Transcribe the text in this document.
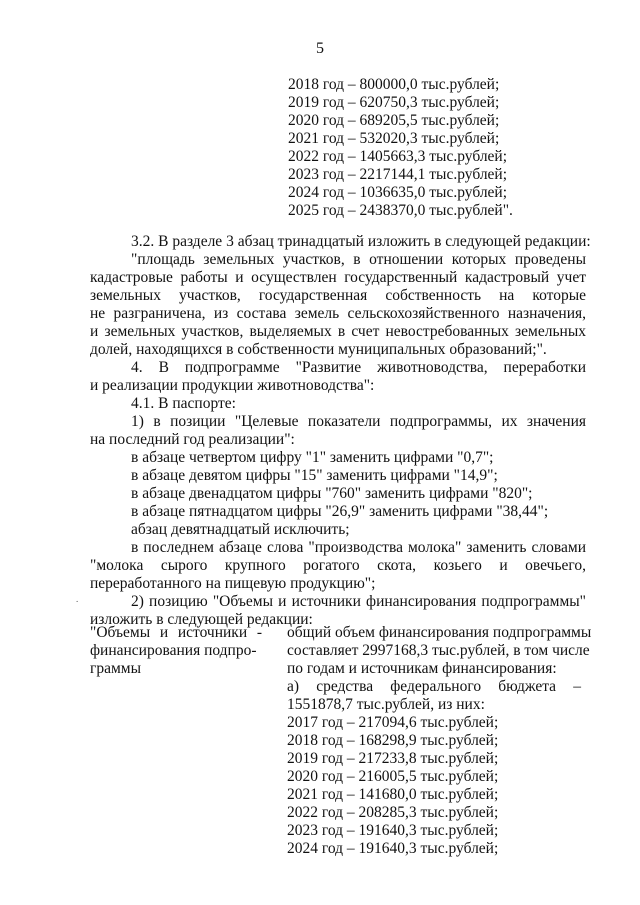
5
2018 год – 800000,0 тыс.рублей;
2019 год – 620750,3 тыс.рублей;
2020 год – 689205,5 тыс.рублей;
2021 год – 532020,3 тыс.рублей;
2022 год – 1405663,3 тыс.рублей;
2023 год – 2217144,1 тыс.рублей;
2024 год – 1036635,0 тыс.рублей;
2025 год – 2438370,0 тыс.рублей".
3.2. В разделе 3 абзац тринадцатый изложить в следующей редакции:
"площадь земельных участков, в отношении которых проведены
кадастровые работы и осуществлен государственный кадастровый учет
земельных участков, государственная собственность на которые
не разграничена, из состава земель сельскохозяйственного назначения,
и земельных участков, выделяемых в счет невостребованных земельных
долей, находящихся в собственности муниципальных образований;".
4. В подпрограмме "Развитие животноводства, переработки
и реализации продукции животноводства":
4.1. В паспорте:
1) в позиции "Целевые показатели подпрограммы, их значения
на последний год реализации":
в абзаце четвертом цифру "1" заменить цифрами "0,7";
в абзаце девятом цифры "15" заменить цифрами "14,9";
в абзаце двенадцатом цифры "760" заменить цифрами "820";
в абзаце пятнадцатом цифры "26,9" заменить цифрами "38,44";
абзац девятнадцатый исключить;
в последнем абзаце слова "производства молока" заменить словами
"молока сырого крупного рогатого скота, козьего и овечьего,
переработанного на пищевую продукцию";
2) позицию "Объемы и источники финансирования подпрограммы"
изложить в следующей редакции:
.
"Объемы и источники -
финансирования подпро-
граммы
общий объем финансирования подпрограммы
составляет 2997168,3 тыс.рублей, в том числе
по годам и источникам финансирования:
а) средства федерального бюджета –
1551878,7 тыс.рублей, из них:
2017 год – 217094,6 тыс.рублей;
2018 год – 168298,9 тыс.рублей;
2019 год – 217233,8 тыс.рублей;
2020 год – 216005,5 тыс.рублей;
2021 год – 141680,0 тыс.рублей;
2022 год – 208285,3 тыс.рублей;
2023 год – 191640,3 тыс.рублей;
2024 год – 191640,3 тыс.рублей;
